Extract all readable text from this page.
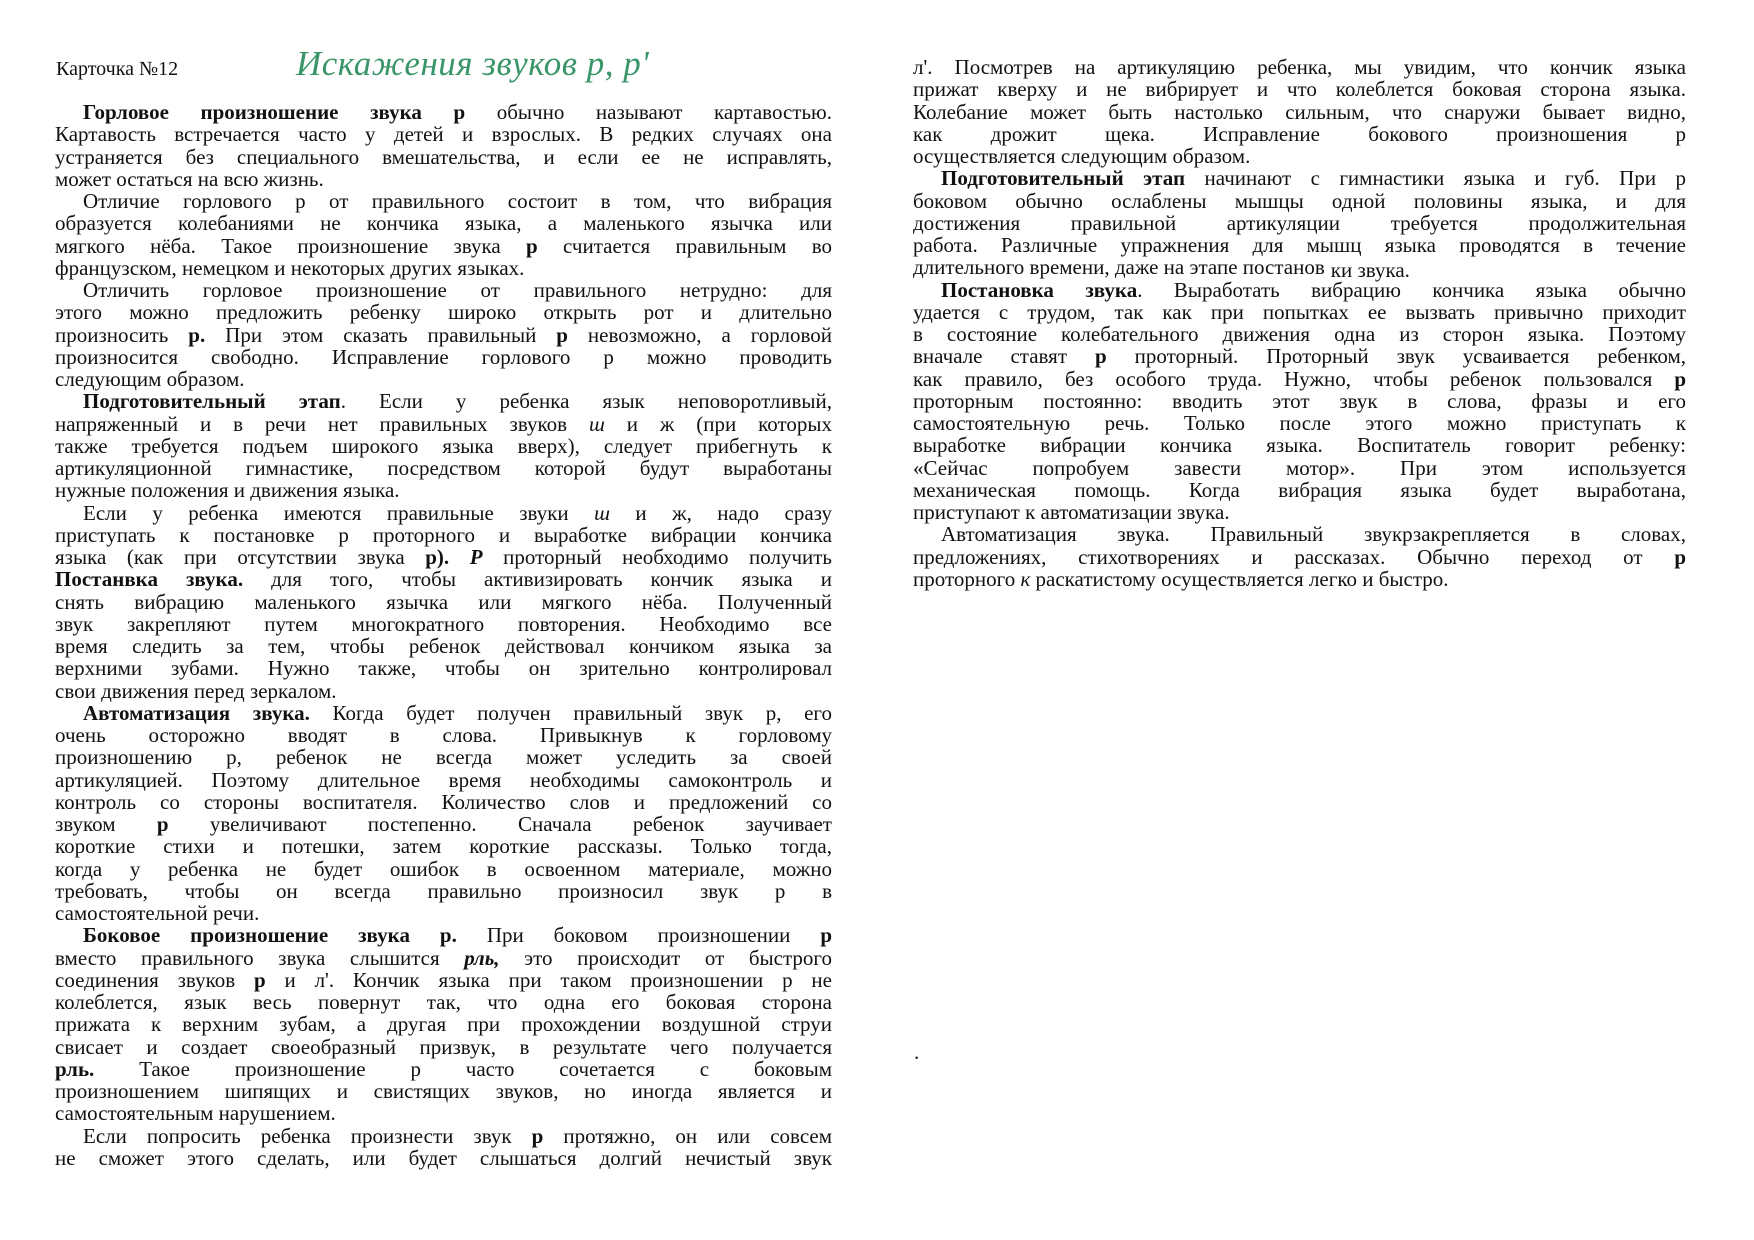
Карточка №12	Искажения звуков р, р'
Горловое произношение звука р обычно называют картавостью.
Картавость встречается часто у детей и взрослых. В редких случаях она
устраняется без специального вмешательства, и если ее не исправлять,
может остаться на всю жизнь.
Отличие горлового р от правильного состоит в том, что вибрация
образуется колебаниями не кончика языка, а маленького язычка или
мягкого нёба. Такое произношение звука р считается правильным во
французском, немецком и некоторых других языках.
Отличить горловое произношение от правильного нетрудно: для
этого можно предложить ребенку широко открыть рот и длительно
произносить р. При этом сказать правильный р невозможно, а горловой
произносится свободно. Исправление горлового р можно проводить
следующим образом.
Подготовительный этап. Если у ребенка язык неповоротливый,
напряженный и в речи нет правильных звуков ш и ж (при которых
также требуется подъем широкого языка вверх), следует прибегнуть к
артикуляционной гимнастике, посредством которой будут выработаны
нужные положения и движения языка.
Если у ребенка имеются правильные звуки ш и ж, надо сразу
приступать к постановке р проторного и выработке вибрации кончика
языка (как при отсутствии звука р). Р проторный необходимо получить
Постанвка звука. для того, чтобы активизировать кончик языка и
снять вибрацию маленького язычка или мягкого нёба. Полученный
звук закрепляют путем многократного повторения. Необходимо все
время следить за тем, чтобы ребенок действовал кончиком языка за
верхними зубами. Нужно также, чтобы он зрительно контролировал
свои движения перед зеркалом.
Автоматизация звука. Когда будет получен правильный звук р, его
очень осторожно вводят в слова. Привыкнув к горловому
произношению р, ребенок не всегда может уследить за своей
артикуляцией. Поэтому длительное время необходимы самоконтроль и
контроль со стороны воспитателя. Количество слов и предложений со
звуком р увеличивают постепенно. Сначала ребенок заучивает
короткие стихи и потешки, затем короткие рассказы. Только тогда,
когда у ребенка не будет ошибок в освоенном материале, можно
требовать, чтобы он всегда правильно произносил звук р в
самостоятельной речи.
Боковое произношение звука р. При боковом произношении р
вместо правильного звука слышится рль, это происходит от быстрого
соединения звуков р и л'. Кончик языка при таком произношении р не
колеблется, язык весь повернут так, что одна его боковая сторона
прижата к верхним зубам, а другая при прохождении воздушной струи
свисает и создает своеобразный призвук, в результате чего получается
рль. Такое произношение р часто сочетается с боковым
произношением шипящих и свистящих звуков, но иногда является и
самостоятельным нарушением.
Если попросить ребенка произнести звук р протяжно, он или совсем
не сможет этого сделать, или будет слышаться долгий нечистый звук
л'. Посмотрев на артикуляцию ребенка, мы увидим, что кончик языка
прижат кверху и не вибрирует и что колеблется боковая сторона языка.
Колебание может быть настолько сильным, что снаружи бывает видно,
как дрожит щека. Исправление бокового произношения р
осуществляется следующим образом.
Подготовительный этап начинают с гимнастики языка и губ. При р
боковом обычно ослаблены мышцы одной половины языка, и для
достижения правильной артикуляции требуется продолжительная
работа. Различные упражнения для мышц языка проводятся в течение
длительного времени, даже на этапе постанов ки звука.
Постановка звука. Выработать вибрацию кончика языка обычно
удается с трудом, так как при попытках ее вызвать привычно приходит
в состояние колебательного движения одна из сторон языка. Поэтому
вначале ставят р проторный. Проторный звук усваивается ребенком,
как правило, без особого труда. Нужно, чтобы ребенок пользовался р
проторным постоянно: вводить этот звук в слова, фразы и его
самостоятельную речь. Только после этого можно приступать к
выработке вибрации кончика языка. Воспитатель говорит ребенку:
«Сейчас попробуем завести мотор». При этом используется
механическая помощь. Когда вибрация языка будет выработана,
приступают к автоматизации звука.
Автоматизация звука. Правильный звукрзакрепляется в словах,
предложениях, стихотворениях и рассказах. Обычно переход от р
проторного к раскатистому осуществляется легко и быстро.
.
